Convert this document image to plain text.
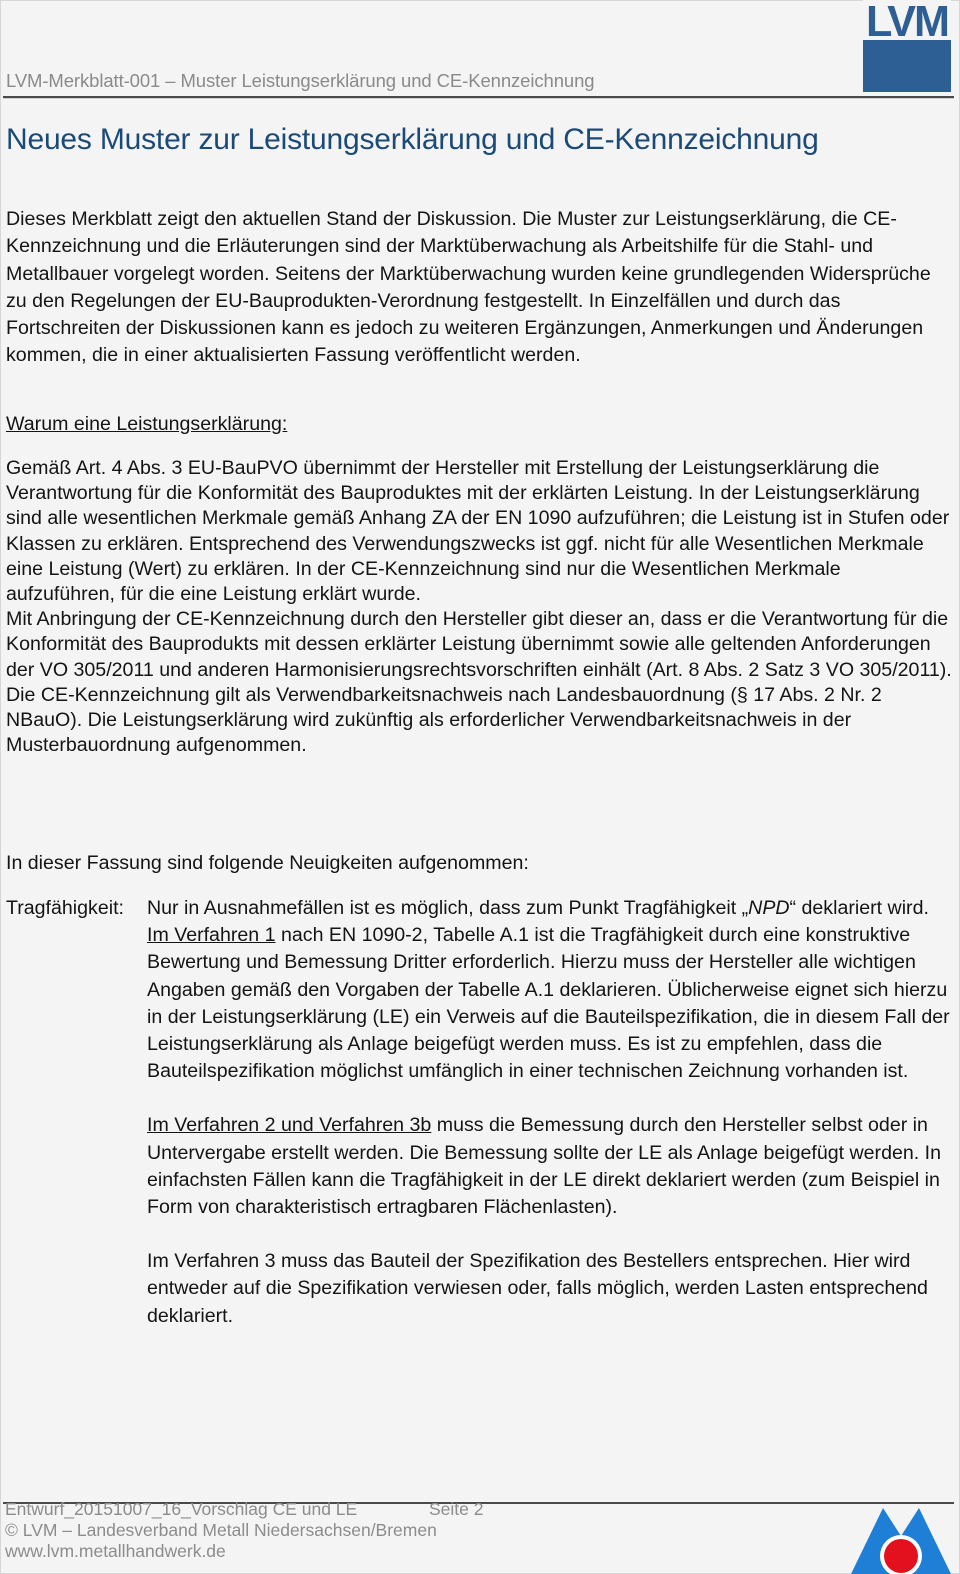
LVM-Merkblatt-001 – Muster Leistungserklärung und CE-Kennzeichnung
LVM
Neues Muster zur Leistungserklärung und CE-Kennzeichnung

Dieses Merkblatt zeigt den aktuellen Stand der Diskussion. Die Muster zur Leistungserklärung, die CE-Kennzeichnung und die Erläuterungen sind der Marktüberwachung als Arbeitshilfe für die Stahl- und Metallbauer vorgelegt worden. Seitens der Marktüberwachung wurden keine grundlegenden Widersprüche zu den Regelungen der EU-Bauprodukten-Verordnung festgestellt. In Einzelfällen und durch das Fortschreiten der Diskussionen kann es jedoch zu weiteren Ergänzungen, Anmerkungen und Änderungen kommen, die in einer aktualisierten Fassung veröffentlicht werden.

Warum eine Leistungserklärung:
Gemäß Art. 4 Abs. 3 EU-BauPVO übernimmt der Hersteller mit Erstellung der Leistungserklärung die Verantwortung für die Konformität des Bauproduktes mit der erklärten Leistung. In der Leistungserklärung sind alle wesentlichen Merkmale gemäß Anhang ZA der EN 1090 aufzuführen; die Leistung ist in Stufen oder Klassen zu erklären. Entsprechend des Verwendungszwecks ist ggf. nicht für alle Wesentlichen Merkmale eine Leistung (Wert) zu erklären. In der CE-Kennzeichnung sind nur die Wesentlichen Merkmale aufzuführen, für die eine Leistung erklärt wurde.
Mit Anbringung der CE-Kennzeichnung durch den Hersteller gibt dieser an, dass er die Verantwortung für die Konformität des Bauprodukts mit dessen erklärter Leistung übernimmt sowie alle geltenden Anforderungen der VO 305/2011 und anderen Harmonisierungsrechtsvorschriften einhält (Art. 8 Abs. 2 Satz 3 VO 305/2011).
Die CE-Kennzeichnung gilt als Verwendbarkeitsnachweis nach Landesbauordnung (§ 17 Abs. 2 Nr. 2 NBauO). Die Leistungserklärung wird zukünftig als erforderlicher Verwendbarkeitsnachweis in der Musterbauordnung aufgenommen.
In dieser Fassung sind folgende Neuigkeiten aufgenommen:
Tragfähigkeit: Nur in Ausnahmefällen ist es möglich, dass zum Punkt Tragfähigkeit „NPD“ deklariert wird.

Im Verfahren 1 nach EN 1090-2, Tabelle A.1 ist die Tragfähigkeit durch eine konstruktive Bewertung und Bemessung Dritter erforderlich. Hierzu muss der Hersteller alle wichtigen Angaben gemäß den Vorgaben der Tabelle A.1 deklarieren. Üblicherweise eignet sich hierzu in der Leistungserklärung (LE) ein Verweis auf die Bauteilspezifikation, die in diesem Fall der Leistungserklärung als Anlage beigefügt werden muss. Es ist zu empfehlen, dass die Bauteilspezifikation möglichst umfänglich in einer technischen Zeichnung vorhanden ist.

Im Verfahren 2 und Verfahren 3b muss die Bemessung durch den Hersteller selbst oder in Untervergabe erstellt werden. Die Bemessung sollte der LE als Anlage beigefügt werden. In einfachsten Fällen kann die Tragfähigkeit in der LE direkt deklariert werden (zum Beispiel in Form von charakteristisch ertragbaren Flächenlasten).

Im Verfahren 3 muss das Bauteil der Spezifikation des Bestellers entsprechen. Hier wird entweder auf die Spezifikation verwiesen oder, falls möglich, werden Lasten entsprechend deklariert.

Entwurf_20151007_16_Vorschlag CE und LE	Seite 2
© LVM – Landesverband Metall Niedersachsen/Bremen
www.lvm.metallhandwerk.de
